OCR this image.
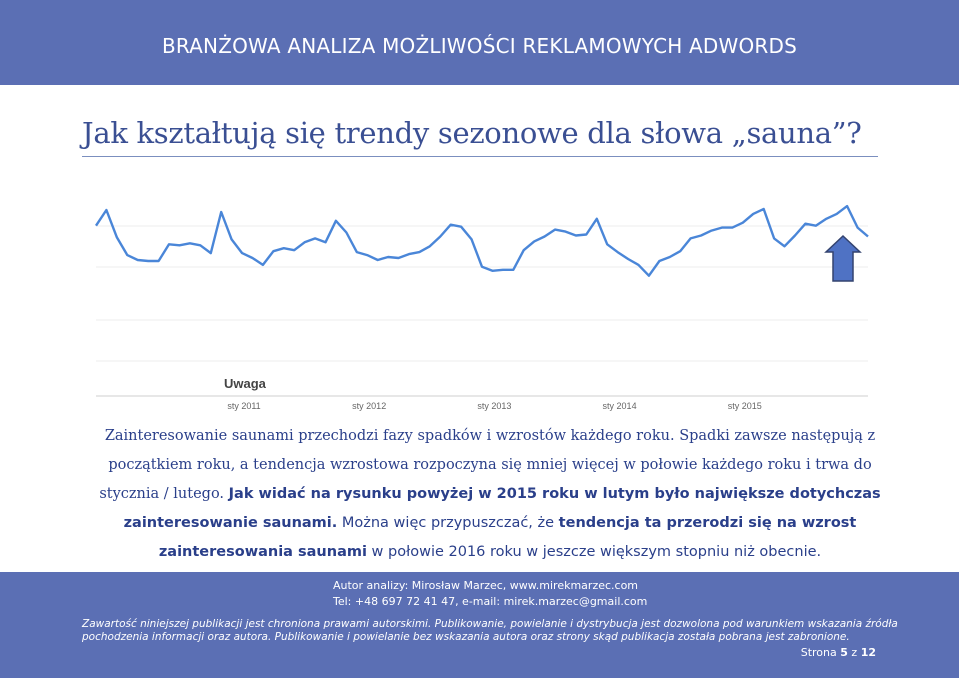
BRANŻOWA ANALIZA MOŻLIWOŚCI REKLAMOWYCH ADWORDS
Jak kształtują się trendy sezonowe dla słowa „sauna”?
Uwaga
sty 2011	sty 2012	sty 2013	sty 2014	sty 2015
Zainteresowanie saunami przechodzi fazy spadków i wzrostów każdego roku. Spadki zawsze następują z początkiem roku, a tendencja wzrostowa rozpoczyna się mniej więcej w połowie każdego roku i trwa do stycznia / lutego. Jak widać na rysunku powyżej w 2015 roku w lutym było największe dotychczas zainteresowanie saunami. Można więc przypuszczać, że tendencja ta przerodzi się na wzrost zainteresowania saunami w połowie 2016 roku w jeszcze większym stopniu niż obecnie.
Autor analizy: Mirosław Marzec, www.mirekmarzec.com
Tel: +48 697 72 41 47, e-mail: mirek.marzec@gmail.com
Zawartość niniejszej publikacji jest chroniona prawami autorskimi. Publikowanie, powielanie i dystrybucja jest dozwolona pod warunkiem wskazania źródła
pochodzenia informacji oraz autora. Publikowanie i powielanie bez wskazania autora oraz strony skąd publikacja została pobrana jest zabronione.
Strona 5 z 12
